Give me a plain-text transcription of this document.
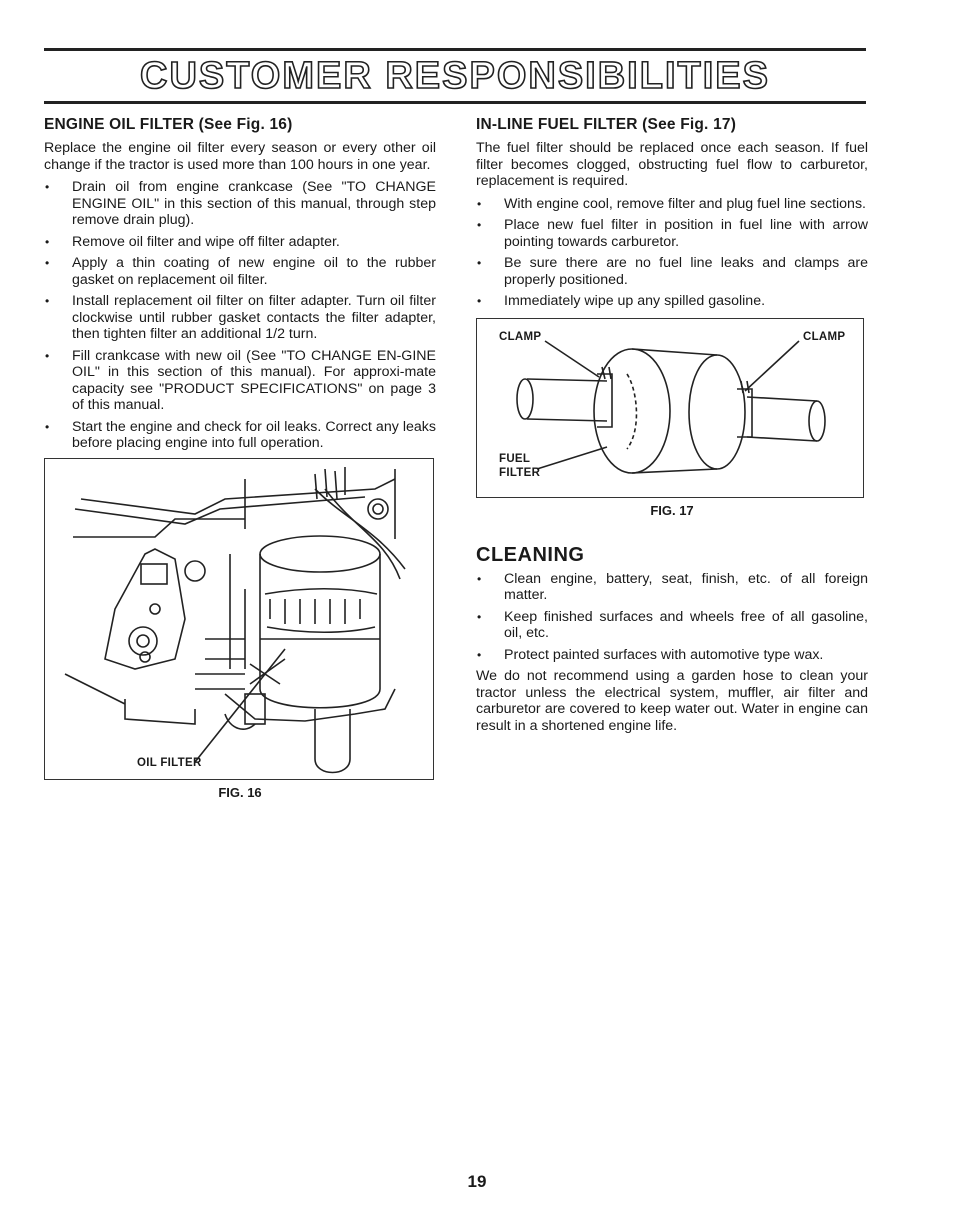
CUSTOMER RESPONSIBILITIES
ENGINE OIL FILTER (See Fig. 16)

Replace the engine oil filter every season or every other oil change if the tractor is used more than 100 hours in one year.

• Drain oil from engine crankcase (See "TO CHANGE ENGINE OIL" in this section of this manual, through step remove drain plug).
• Remove oil filter and wipe off filter adapter.
• Apply a thin coating of new engine oil to the rubber gasket on replacement oil filter.
• Install replacement oil filter on filter adapter. Turn oil filter clockwise until rubber gasket contacts the filter adapter, then tighten filter an additional 1/2 turn.
• Fill crankcase with new oil (See "TO CHANGE EN-GINE OIL" in this section of this manual). For approxi-mate capacity see "PRODUCT SPECIFICATIONS" on page 3 of this manual.
• Start the engine and check for oil leaks. Correct any leaks before placing engine into full operation.
OIL FILTER
FIG. 16
IN-LINE FUEL FILTER (See Fig. 17)

The fuel filter should be replaced once each season. If fuel filter becomes clogged, obstructing fuel flow to carburetor, replacement is required.

• With engine cool, remove filter and plug fuel line sections.
• Place new fuel filter in position in fuel line with arrow pointing towards carburetor.
• Be sure there are no fuel line leaks and clamps are properly positioned.
• Immediately wipe up any spilled gasoline.
CLAMP	CLAMP
FUEL
FILTER
FIG. 17
CLEANING
• Clean engine, battery, seat, finish, etc. of all foreign matter.
• Keep finished surfaces and wheels free of all gasoline, oil, etc.
• Protect painted surfaces with automotive type wax.

We do not recommend using a garden hose to clean your tractor unless the electrical system, muffler, air filter and carburetor are covered to keep water out. Water in engine can result in a shortened engine life.

19
